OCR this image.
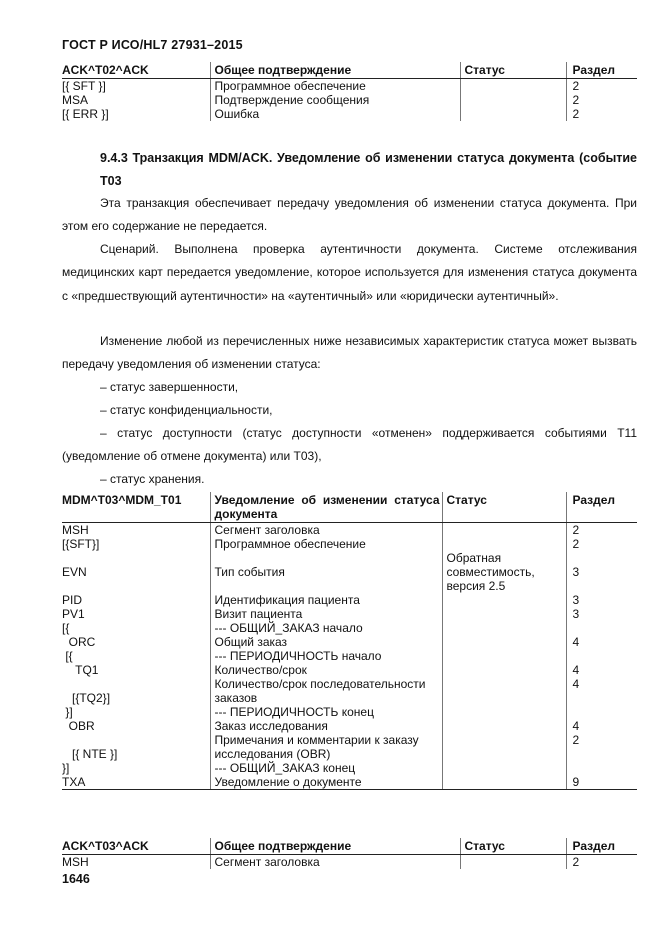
ГОСТ Р ИСО/HL7 27931–2015
ACK^T02^ACK	Общее подтверждение	Статус	Раздел
[{ SFT }]	Программное обеспечение		2
MSA	Подтверждение сообщения		2
[{ ERR }]	Ошибка		2
9.4.3 Транзакция MDM/ACK. Уведомление об изменении статуса документа (событие T03
Эта транзакция обеспечивает передачу уведомления об изменении статуса документа. При этом его содержание не передается.
Сценарий. Выполнена проверка аутентичности документа. Системе отслеживания медицинских карт передается уведомление, которое используется для изменения статуса документа с «предшествующий аутентичности» на «аутентичный» или «юридически аутентичный».
Изменение любой из перечисленных ниже независимых характеристик статуса может вызвать передачу уведомления об изменении статуса:
– статус завершенности,
– статус конфиденциальности,
– статус доступности (статус доступности «отменен» поддерживается событиями T11 (уведомление об отмене документа) или T03),
– статус хранения.
MDM^T03^MDM_T01	Уведомление об изменении статуса документа	Статус	Раздел
MSH	Сегмент заголовка		2
[{SFT}]	Программное обеспечение		2
EVN	Тип события	Обратная совместимость, версия 2.5	3
PID	Идентификация пациента		3
PV1	Визит пациента		3
[{	--- ОБЩИЙ_ЗАКАЗ начало		
ORC	Общий заказ		4
[{	--- ПЕРИОДИЧНОСТЬ начало		
TQ1	Количество/срок		4
[{TQ2}]	Количество/срок последовательности заказов		4
}]	--- ПЕРИОДИЧНОСТЬ конец		
OBR	Заказ исследования		4
[{ NTE }]	Примечания и комментарии к заказу исследования (OBR)		2
}]	--- ОБЩИЙ_ЗАКАЗ конец		
TXA	Уведомление о документе		9
ACK^T03^ACK	Общее подтверждение	Статус	Раздел
MSH	Сегмент заголовка		2
1646
